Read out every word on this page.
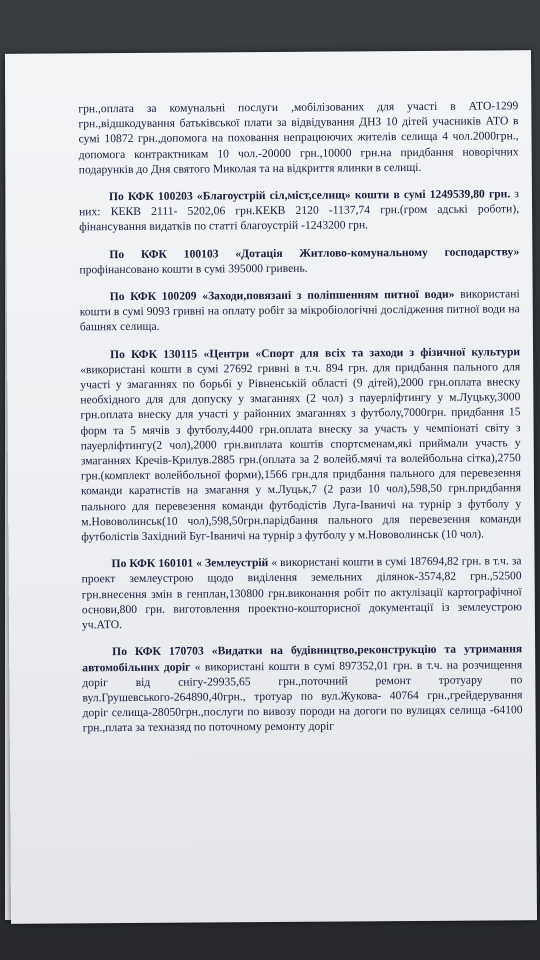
грн.,оплата за комунальні послуги ,мобілізованих для участі в АТО-1299 грн.,відшкодування батьківської плати за відвідування ДНЗ 10 дітей учасників АТО в сумі 10872 грн.,допомога на поховання непрацюючих жителів селища 4 чол.2000грн., допомога контрактникам 10 чол.-20000 грн.,10000 грн.на придбання новорічних подарунків до Дня святого Миколая та на відкриття ялинки в селищі.

По КФК 100203 «Благоустрій сіл,міст,селищ» кошти в сумі 1249539,80 грн. з них: КЕКВ 2111- 5202,06 грн.КЕКВ 2120 -1137,74 грн.(гром адські роботи), фінансування видатків по статті благоустрій -1243200 грн.

По КФК 100103 «Дотація Житлово-комунальному господарству» профінансовано кошти в сумі 395000 гривень.

По КФК 100209 «Заходи,повязані з поліпшенням питної води» використані кошти в сумі 9093 гривні на оплату робіт за мікробіологічні дослідження питної води на башнях селища.

По КФК 130115 «Центри «Спорт для всіх та заходи з фізичної культури «використані кошти в сумі 27692 гривні в т.ч. 894 грн. для придбання пального для участі у змаганнях по борьбі у Рівненській області (9 дітей),2000 грн.оплата внеску необхідного для для допуску у змаганнях (2 чол) з пауерліфтингу у м.Луцьку,3000 грн.оплата внеску для участі у районних змаганнях з футболу,7000грн. придбання 15 форм та 5 мячів з футболу,4400 грн.оплата внеску за участь у чемпіонаті світу з пауерліфтингу(2 чол),2000 грн.виплата коштів спортсменам,які приймали участь у змаганнях Кречів-Крилув.2885 грн.(оплата за 2 волейб.мячі та волейбольна сітка),2750 грн.(комплект волейбольної форми),1566 грн.для придбання пального для перевезення команди каратистів на змагання у м.Луцьк,7 (2 рази 10 чол),598,50 грн.придбання пального для перевезення команди футбодістів Луга-Іваничі на турнір з футболу у м.Нововолинськ(10 чол),598,50грн.парідбання пального для перевезення команди футболістів Західний Буг-Іваничі на турнір з футболу у м.Нововолинськ (10 чол).

По КФК 160101 « Землеустрій « використані кошти в сумі 187694,82 грн. в т.ч. за проект землеустрою щодо виділення земельних ділянок-3574,82 грн.,52500 грн.внесення змін в генплан,130800 грн.виконання робіт по актулізації картографічної основи,800 грн. виготовлення проектно-кошторисної документації із землеустрою уч.АТО.

По КФК 170703 «Видатки на будівництво,реконструкцію та утримання автомобільних доріг « використані кошти в сумі 897352,01 грн. в т.ч. на розчищення доріг від снігу-29935,65 грн.,поточний ремонт тротуару по вул.Грушевського-264890,40грн., тротуар по вул.Жукова- 40764 грн.,грейдерування доріг селища-28050грн.,послуги по вивозу породи на догоги по вулицях селища -64100 грн.,плата за техназяд по поточному ремонту доріг
